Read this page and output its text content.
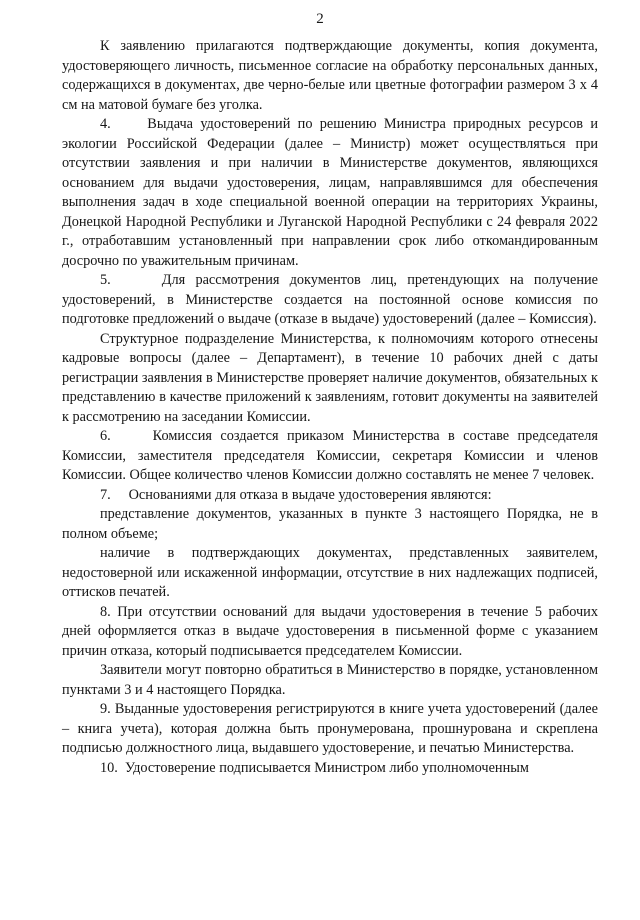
2

К заявлению прилагаются подтверждающие документы, копия документа, удостоверяющего личность, письменное согласие на обработку персональных данных, содержащихся в документах, две черно-белые или цветные фотографии размером 3 х 4 см на матовой бумаге без уголка.

4.     Выдача удостоверений по решению Министра природных ресурсов и экологии Российской Федерации (далее – Министр) может осуществляться при отсутствии заявления и при наличии в Министерстве документов, являющихся основанием для выдачи удостоверения, лицам, направлявшимся для обеспечения выполнения задач в ходе специальной военной операции на территориях Украины, Донецкой Народной Республики и Луганской Народной Республики с 24 февраля 2022 г., отработавшим установленный при направлении срок либо откомандированным досрочно по уважительным причинам.

5.     Для рассмотрения документов лиц, претендующих на получение удостоверений, в Министерстве создается на постоянной основе комиссия по подготовке предложений о выдаче (отказе в выдаче) удостоверений (далее – Комиссия).

Структурное подразделение Министерства, к полномочиям которого отнесены кадровые вопросы (далее – Департамент), в течение 10 рабочих дней с даты регистрации заявления в Министерстве проверяет наличие документов, обязательных к представлению в качестве приложений к заявлениям, готовит документы на заявителей к рассмотрению на заседании Комиссии.

6.     Комиссия создается приказом Министерства в составе председателя Комиссии, заместителя председателя Комиссии, секретаря Комиссии и членов Комиссии. Общее количество членов Комиссии должно составлять не менее 7 человек.

7.     Основаниями для отказа в выдаче удостоверения являются:

представление документов, указанных в пункте 3 настоящего Порядка, не в полном объеме;

наличие в подтверждающих документах, представленных заявителем, недостоверной или искаженной информации, отсутствие в них надлежащих подписей, оттисков печатей.

8. При отсутствии оснований для выдачи удостоверения в течение 5 рабочих дней оформляется отказ в выдаче удостоверения в письменной форме с указанием причин отказа, который подписывается председателем Комиссии.

Заявители могут повторно обратиться в Министерство в порядке, установленном пунктами 3 и 4 настоящего Порядка.

9. Выданные удостоверения регистрируются в книге учета удостоверений (далее – книга учета), которая должна быть пронумерована, прошнурована и скреплена подписью должностного лица, выдавшего удостоверение, и печатью Министерства.

10.  Удостоверение подписывается Министром либо уполномоченным
